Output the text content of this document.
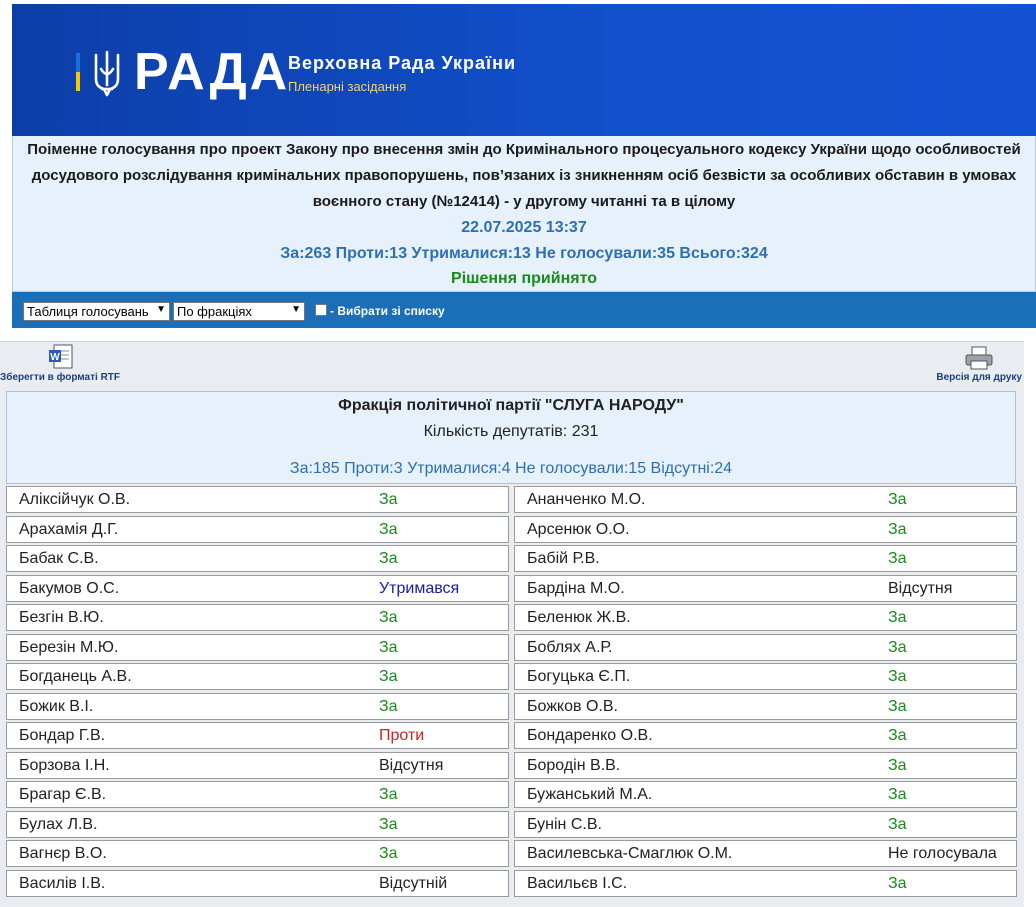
РАДА
Верховна Рада України
Пленарні засідання
Поіменне голосування про проект Закону про внесення змін до Кримінального процесуального кодексу України щодо особливостей досудового розслідування кримінальних правопорушень, пов’язаних із зникненням осіб безвісти за особливих обставин в умовах воєнного стану (№12414) - у другому читанні та в цілому
22.07.2025 13:37
За:263 Проти:13 Утрималися:13 Не голосували:35 Всього:324
Рішення прийнято
Таблиця голосувань ▼ По фракціях	▼ - Вибрати зі списку
W
Зберегти в форматі RTF	Версія для друку
Фракція політичної партії "СЛУГА НАРОДУ"
Кількість депутатів: 231
За:185 Проти:3 Утрималися:4 Не голосували:15 Відсутні:24
Аліксійчук О.В.	За	Ананченко М.О.	За
Арахамія Д.Г.	За	Арсенюк О.О.	За
Бабак С.В.	За	Бабій Р.В.	За
Бакумов О.С.	Утримався	Бардіна М.О.	Відсутня
Безгін В.Ю.	За	Беленюк Ж.В.	За
Березін М.Ю.	За	Боблях А.Р.	За
Богданець А.В.	За	Богуцька Є.П.	За
Божик В.І.	За	Божков О.В.	За
Бондар Г.В.	Проти	Бондаренко О.В.	За
Борзова І.Н.	Відсутня	Бородін В.В.	За
Брагар Є.В.	За	Бужанський М.А.	За
Булах Л.В.	За	Бунін С.В.	За
Вагнєр В.О.	За	Василевська-Смаглюк О.М.	Не голосувала
Василів І.В.	Відсутній	Васильєв І.С.	За
